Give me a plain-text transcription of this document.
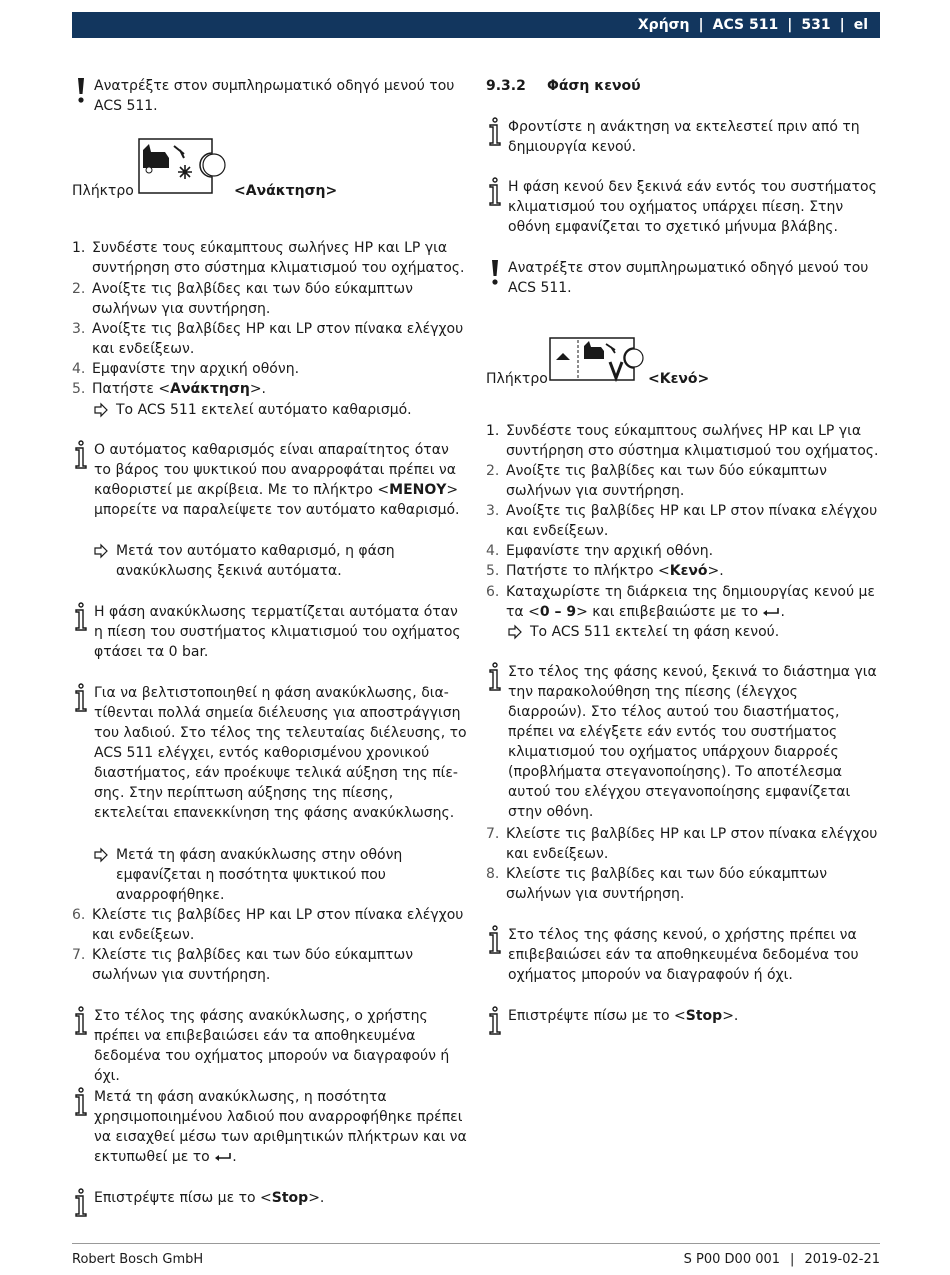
Χρήση | ACS 511 | 531 | el
Ανατρέξτε στον συμπληρωματικό οδηγό μενού του ACS 511.
Πλήκτρο	<Ανάκτηση>
1. Συνδέστε τους εύκαμπτους σωλήνες HP και LP για συντήρηση στο σύστημα κλιματισμού του οχήματος.
2. Ανοίξτε τις βαλβίδες και των δύο εύκαμπτων σωλήνων για συντήρηση.
3. Ανοίξτε τις βαλβίδες HP και LP στον πίνακα ελέγχου και ενδείξεων.
4. Εμφανίστε την αρχική οθόνη.
5. Πατήστε <Ανάκτηση>.
Το ACS 511 εκτελεί αυτόματο καθαρισμό.
Ο αυτόματος καθαρισμός είναι απαραίτητος όταν το βάρος του ψυκτικού που αναρροφάται πρέπει να καθοριστεί με ακρίβεια. Με το πλήκτρο <ΜΕΝΟΥ> μπορείτε να παραλείψετε τον αυτόματο καθαρισμό.
Μετά τον αυτόματο καθαρισμό, η φάση ανακύκλωσης ξεκινά αυτόματα.
Η φάση ανακύκλωσης τερματίζεται αυτόματα όταν η πίεση του συστήματος κλιματισμού του οχήματος φτάσει τα 0 bar.
Για να βελτιστοποιηθεί η φάση ανακύκλωσης, δια-τίθενται πολλά σημεία διέλευσης για αποστράγγιση του λαδιού. Στο τέλος της τελευταίας διέλευσης, το ACS 511 ελέγχει, εντός καθορισμένου χρονικού διαστήματος, εάν προέκυψε τελικά αύξηση της πίε-σης. Στην περίπτωση αύξησης της πίεσης, εκτελείται επανεκκίνηση της φάσης ανακύκλωσης.
Μετά τη φάση ανακύκλωσης στην οθόνη εμφανίζεται η ποσότητα ψυκτικού που αναρροφήθηκε.
6. Κλείστε τις βαλβίδες HP και LP στον πίνακα ελέγχου και ενδείξεων.
7. Κλείστε τις βαλβίδες και των δύο εύκαμπτων σωλήνων για συντήρηση.
Στο τέλος της φάσης ανακύκλωσης, ο χρήστης πρέπει να επιβεβαιώσει εάν τα αποθηκευμένα δεδομένα του οχήματος μπορούν να διαγραφούν ή όχι.
Μετά τη φάση ανακύκλωσης, η ποσότητα χρησιμοποιημένου λαδιού που αναρροφήθηκε πρέπει να εισαχθεί μέσω των αριθμητικών πλήκτρων και να εκτυπωθεί με το .
Επιστρέψτε πίσω με το <Stop>.
9.3.2 Φάση κενού
Φροντίστε η ανάκτηση να εκτελεστεί πριν από τη δημιουργία κενού.
Η φάση κενού δεν ξεκινά εάν εντός του συστήματος κλιματισμού του οχήματος υπάρχει πίεση. Στην οθόνη εμφανίζεται το σχετικό μήνυμα βλάβης.
Ανατρέξτε στον συμπληρωματικό οδηγό μενού του ACS 511.
Πλήκτρο	<Κενό>
1. Συνδέστε τους εύκαμπτους σωλήνες HP και LP για συντήρηση στο σύστημα κλιματισμού του οχήματος.
2. Ανοίξτε τις βαλβίδες και των δύο εύκαμπτων σωλήνων για συντήρηση.
3. Ανοίξτε τις βαλβίδες HP και LP στον πίνακα ελέγχου και ενδείξεων.
4. Εμφανίστε την αρχική οθόνη.
5. Πατήστε το πλήκτρο <Κενό>.
6. Καταχωρίστε τη διάρκεια της δημιουργίας κενού με τα <0 – 9> και επιβεβαιώστε με το .
Το ACS 511 εκτελεί τη φάση κενού.
Στο τέλος της φάσης κενού, ξεκινά το διάστημα για την παρακολούθηση της πίεσης (έλεγχος διαρροών). Στο τέλος αυτού του διαστήματος, πρέπει να ελέγξετε εάν εντός του συστήματος κλιματισμού του οχήματος υπάρχουν διαρροές (προβλήματα στεγανοποίησης). Το αποτέλεσμα αυτού του ελέγχου στεγανοποίησης εμφανίζεται στην οθόνη.
7. Κλείστε τις βαλβίδες HP και LP στον πίνακα ελέγχου και ενδείξεων.
8. Κλείστε τις βαλβίδες και των δύο εύκαμπτων σωλήνων για συντήρηση.
Στο τέλος της φάσης κενού, ο χρήστης πρέπει να επιβεβαιώσει εάν τα αποθηκευμένα δεδομένα του οχήματος μπορούν να διαγραφούν ή όχι.
Επιστρέψτε πίσω με το <Stop>.
Robert Bosch GmbH	S P00 D00 001 | 2019-02-21
